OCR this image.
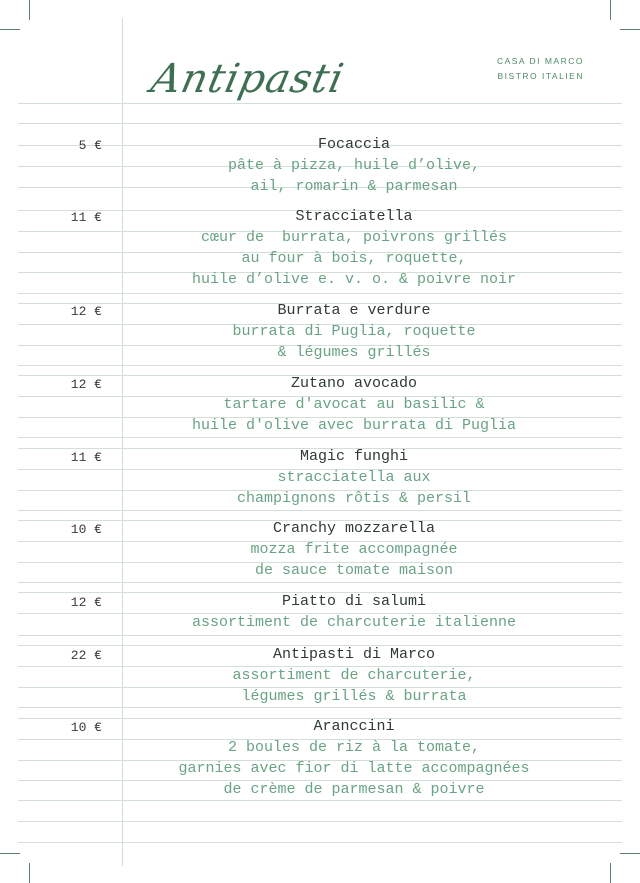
CASA DI MARCO
BISTRO ITALIEN
Antipasti
5 €	Focaccia
pâte à pizza, huile d’olive,
ail, romarin & parmesan
11 €	Stracciatella
cœur de  burrata, poivrons grillés
au four à bois, roquette,
huile d’olive e. v. o. & poivre noir
12 €	Burrata e verdure
burrata di Puglia, roquette
& légumes grillés
12 €	Zutano avocado
tartare d'avocat au basilic &
huile d'olive avec burrata di Puglia
11 €	Magic funghi
stracciatella aux
champignons rôtis & persil
10 €	Cranchy mozzarella
mozza frite accompagnée
de sauce tomate maison
12 €	Piatto di salumi
assortiment de charcuterie italienne
22 €	Antipasti di Marco
assortiment de charcuterie,
légumes grillés & burrata
10 €	Aranccini
2 boules de riz à la tomate,
garnies avec fior di latte accompagnées
de crème de parmesan & poivre
